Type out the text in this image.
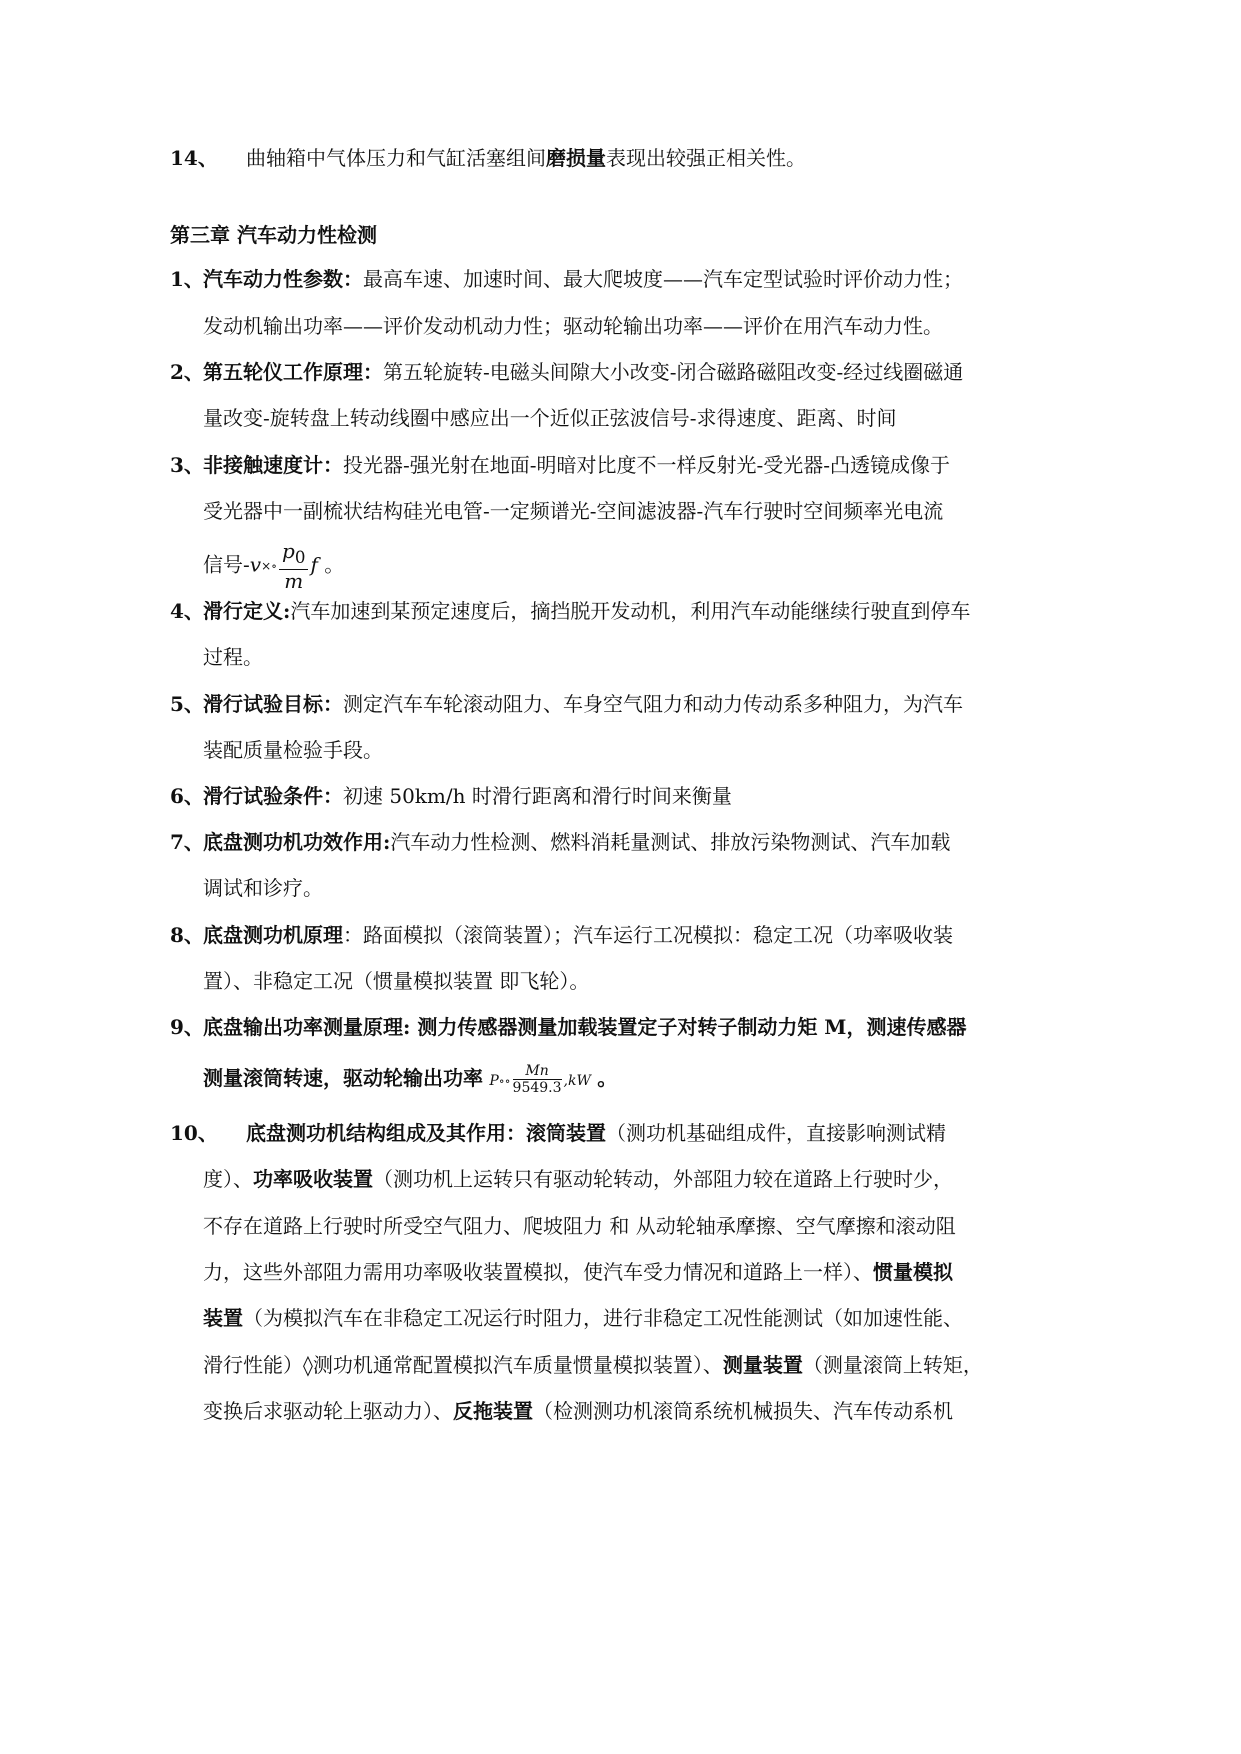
14、 曲轴箱中气体压力和气缸活塞组间磨损量表现出较强正相关性。
第三章 汽车动力性检测
1、 汽车动力性参数：最高车速、加速时间、最大爬坡度——汽车定型试验时评价动力性；
发动机输出功率——评价发动机动力性；驱动轮输出功率——评价在用汽车动力性。
2、 第五轮仪工作原理：第五轮旋转-电磁头间隙大小改变-闭合磁路磁阻改变-经过线圈磁通
量改变-旋转盘上转动线圈中感应出一个近似正弦波信号-求得速度、距离、时间
3、 非接触速度计：投光器-强光射在地面-明暗对比度不一样反射光-受光器-凸透镜成像于
受光器中一副梳状结构硅光电管-一定频谱光-空间滤波器-汽车行驶时空间频率光电流
信号-v×∘ $\frac{p_0}{m}$ f 。
4、 滑行定义:汽车加速到某预定速度后，摘挡脱开发动机，利用汽车动能继续行驶直到停车
过程。
5、 滑行试验目标：测定汽车车轮滚动阻力、车身空气阻力和动力传动系多种阻力，为汽车
装配质量检验手段。
6、 滑行试验条件：初速 50km/h 时滑行距离和滑行时间来衡量
7、 底盘测功机功效作用:汽车动力性检测、燃料消耗量测试、排放污染物测试、汽车加载
调试和诊疗。
8、 底盘测功机原理：路面模拟（滚筒装置）；汽车运行工况模拟：稳定工况（功率吸收装
置）、非稳定工况（惯量模拟装置 即飞轮）。
9、 底盘输出功率测量原理: 测力传感器测量加载装置定子对转子制动力矩 M，测速传感器
测量滚筒转速，驱动轮输出功率 P∘∘ $\frac{Mn}{9549.3} ,kW$ 。
10、 底盘测功机结构组成及其作用：滚筒装置（测功机基础组成件，直接影响测试精
度）、功率吸收装置（测功机上运转只有驱动轮转动，外部阻力较在道路上行驶时少，
不存在道路上行驶时所受空气阻力、爬坡阻力 和 从动轮轴承摩擦、空气摩擦和滚动阻
力，这些外部阻力需用功率吸收装置模拟，使汽车受力情况和道路上一样）、惯量模拟
装置（为模拟汽车在非稳定工况运行时阻力，进行非稳定工况性能测试（如加速性能、
滑行性能）◊测功机通常配置模拟汽车质量惯量模拟装置）、测量装置（测量滚筒上转矩，
变换后求驱动轮上驱动力）、反拖装置（检测测功机滚筒系统机械损失、汽车传动系机
